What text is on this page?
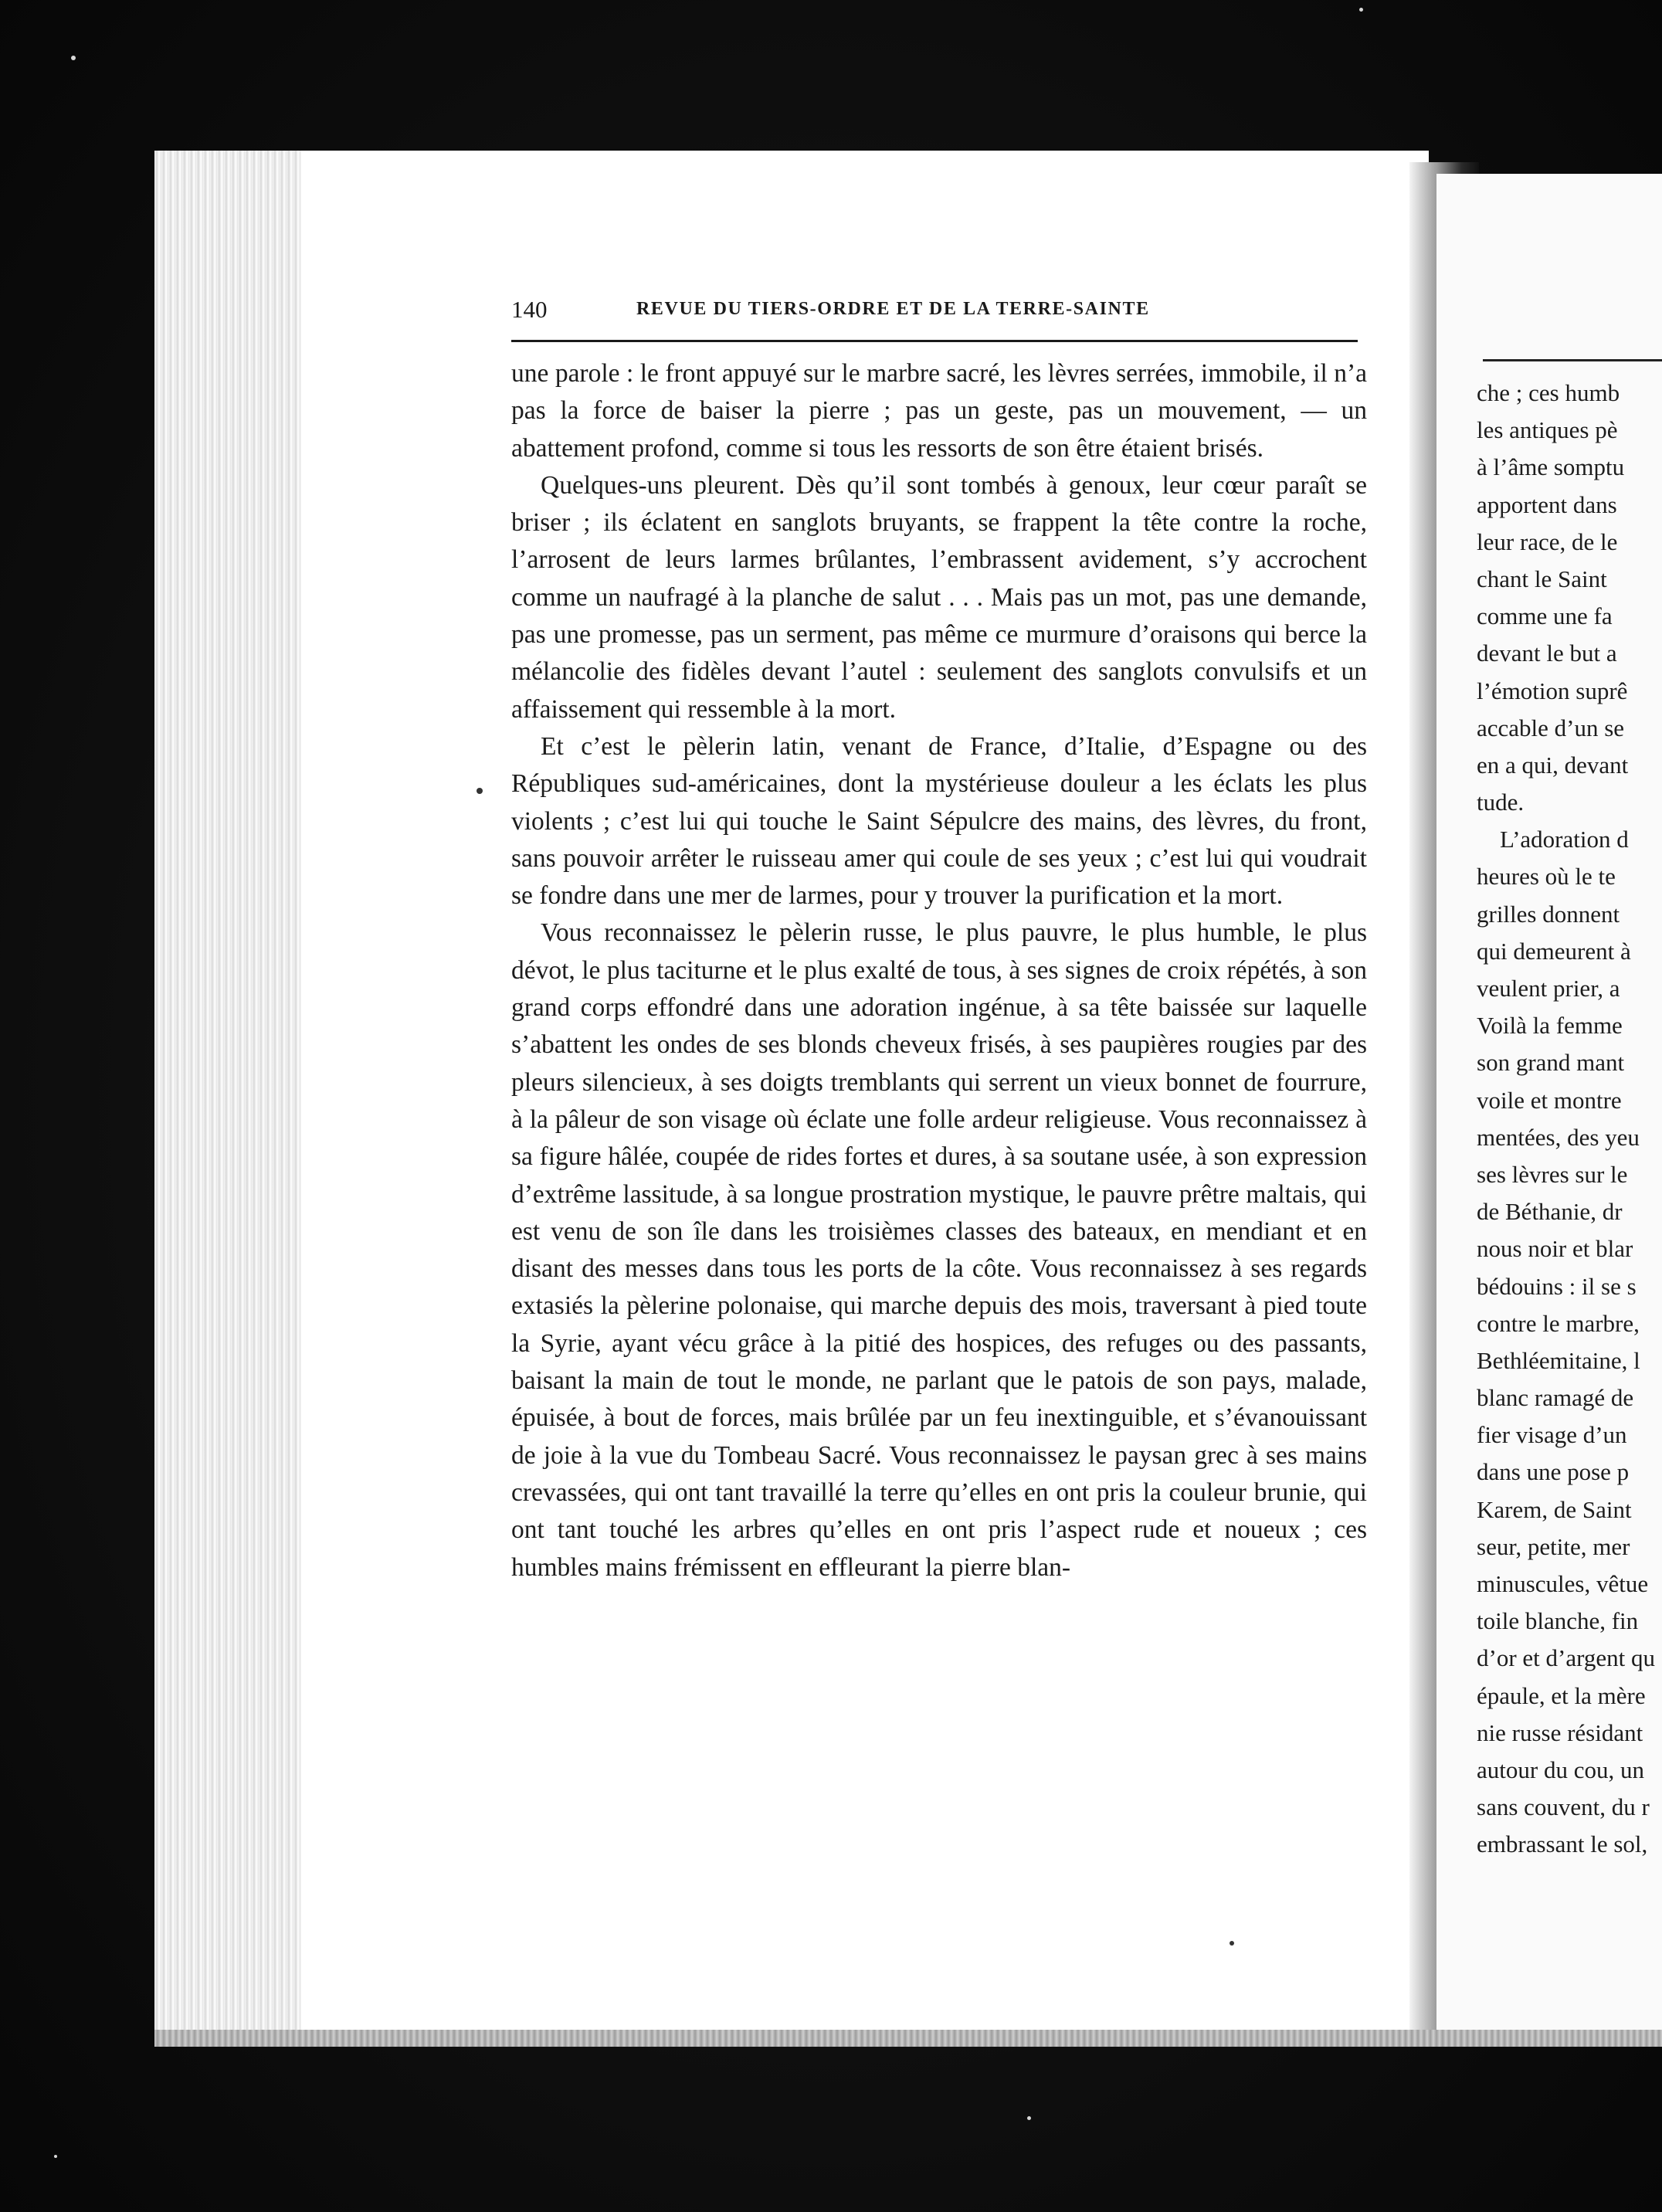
140	REVUE DU TIERS-ORDRE ET DE LA TERRE-SAINTE

une parole : le front appuyé sur le marbre sacré, les lèvres serrées, immobile, il n’a pas la force de baiser la pierre ; pas un geste, pas un mouvement, — un abattement profond, comme si tous les ressorts de son être étaient brisés.

Quelques-uns pleurent. Dès qu’il sont tombés à genoux, leur cœur paraît se briser ; ils éclatent en sanglots bruyants, se frappent la tête contre la roche, l’arrosent de leurs larmes brûlantes, l’embrassent avidement, s’y accrochent comme un naufragé à la planche de salut . . . Mais pas un mot, pas une demande, pas une promesse, pas un serment, pas même ce murmure d’oraisons qui berce la mélancolie des fidèles devant l’autel : seulement des sanglots convulsifs et un affaissement qui ressemble à la mort.

Et c’est le pèlerin latin, venant de France, d’Italie, d’Espagne ou des Républiques sud-américaines, dont la mystérieuse douleur a les éclats les plus violents ; c’est lui qui touche le Saint Sépulcre des mains, des lèvres, du front, sans pouvoir arrêter le ruisseau amer qui coule de ses yeux ; c’est lui qui voudrait se fondre dans une mer de larmes, pour y trouver la purification et la mort.

Vous reconnaissez le pèlerin russe, le plus pauvre, le plus humble, le plus dévot, le plus taciturne et le plus exalté de tous, à ses signes de croix répétés, à son grand corps effondré dans une adoration ingénue, à sa tête baissée sur laquelle s’abattent les ondes de ses blonds cheveux frisés, à ses paupières rougies par des pleurs silencieux, à ses doigts tremblants qui serrent un vieux bonnet de fourrure, à la pâleur de son visage où éclate une folle ardeur religieuse. Vous reconnaissez à sa figure hâlée, coupée de rides fortes et dures, à sa soutane usée, à son expression d’extrême lassitude, à sa longue prostration mystique, le pauvre prêtre maltais, qui est venu de son île dans les troisièmes classes des bateaux, en mendiant et en disant des messes dans tous les ports de la côte. Vous reconnaissez à ses regards extasiés la pèlerine polonaise, qui marche depuis des mois, traversant à pied toute la Syrie, ayant vécu grâce à la pitié des hospices, des refuges ou des passants, baisant la main de tout le monde, ne parlant que le patois de son pays, malade, épuisée, à bout de forces, mais brûlée par un feu inextinguible, et s’évanouissant de joie à la vue du Tombeau Sacré. Vous reconnaissez le paysan grec à ses mains crevassées, qui ont tant travaillé la terre qu’elles en ont pris la couleur brunie, qui ont tant touché les arbres qu’elles en ont pris l’aspect rude et noueux ; ces humbles mains frémissent en effleurant la pierre blan-

che ; ces humb
les antiques pè
à l’âme somptu
apportent dans
leur race, de le
chant le Saint
comme une fa
devant le but a
l’émotion suprê
accable d’un se
en a qui, devant
tude.
L’adoration d
heures où le te
grilles donnent
qui demeurent à
veulent prier, a
Voilà la femme
son grand mant
voile et montre
mentées, des yeu
ses lèvres sur le
de Béthanie, dr
nous noir et blar
bédouins : il se s
contre le marbre,
Bethléemitaine, l
blanc ramagé de
fier visage d’un
dans une pose p
Karem, de Saint
seur, petite, mer
minuscules, vêtue
toile blanche, fin
d’or et d’argent qu
épaule, et la mère
nie russe résidant
autour du cou, un
sans couvent, du r
embrassant le sol,
